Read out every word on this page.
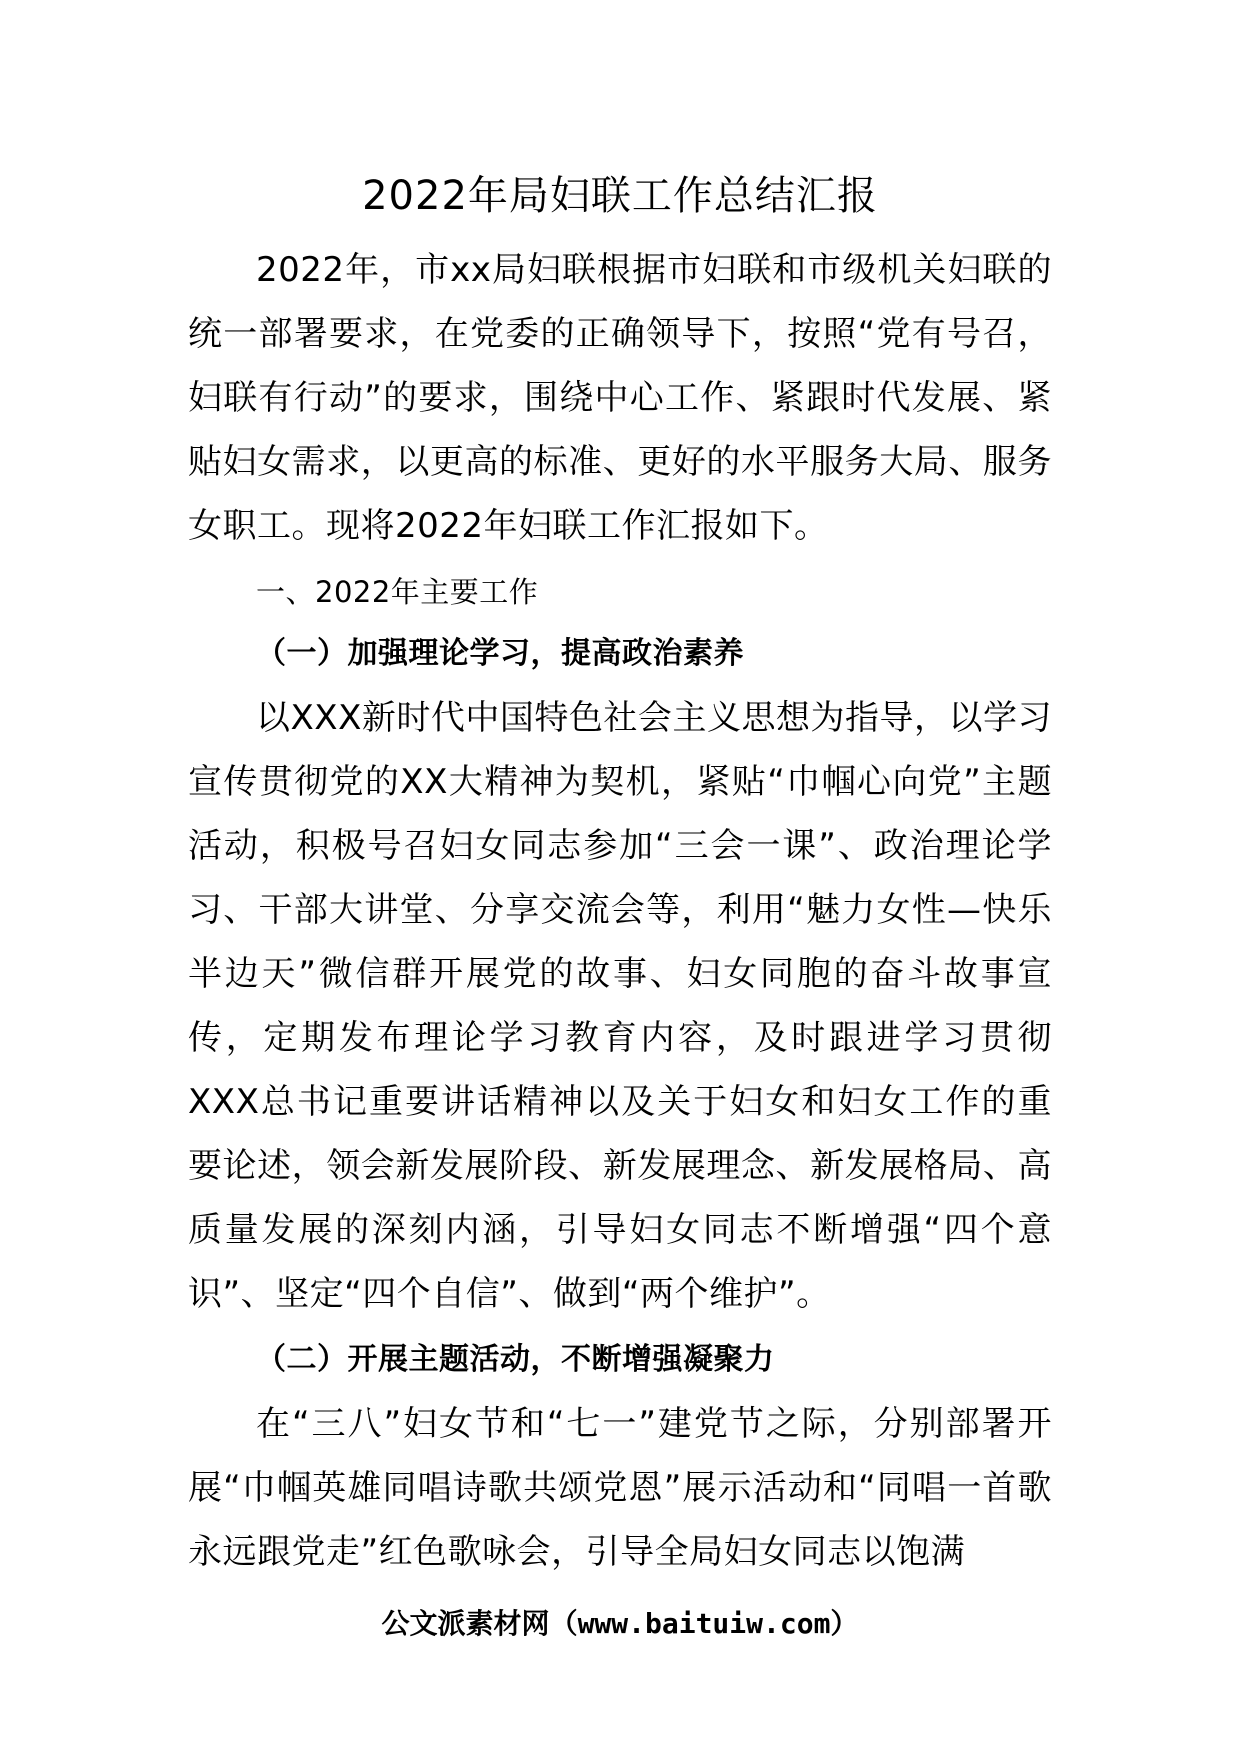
2022年局妇联工作总结汇报

2022年，市xx局妇联根据市妇联和市级机关妇联的统一部署要求，在党委的正确领导下，按照“党有号召，妇联有行动”的要求，围绕中心工作、紧跟时代发展、紧贴妇女需求，以更高的标准、更好的水平服务大局、服务女职工。现将2022年妇联工作汇报如下。

一、2022年主要工作

（一）加强理论学习，提高政治素养

以XXX新时代中国特色社会主义思想为指导，以学习宣传贯彻党的XX大精神为契机，紧贴“巾帼心向党”主题活动，积极号召妇女同志参加“三会一课”、政治理论学习、干部大讲堂、分享交流会等，利用“魅力女性—快乐半边天”微信群开展党的故事、妇女同胞的奋斗故事宣传，定期发布理论学习教育内容，及时跟进学习贯彻XXX总书记重要讲话精神以及关于妇女和妇女工作的重要论述，领会新发展阶段、新发展理念、新发展格局、高质量发展的深刻内涵，引导妇女同志不断增强“四个意识”、坚定“四个自信”、做到“两个维护”。

（二）开展主题活动，不断增强凝聚力

在“三八”妇女节和“七一”建党节之际，分别部署开展“巾帼英雄同唱诗歌共颂党恩”展示活动和“同唱一首歌永远跟党走”红色歌咏会，引导全局妇女同志以饱满

公文派素材网（www.baituiw.com）
